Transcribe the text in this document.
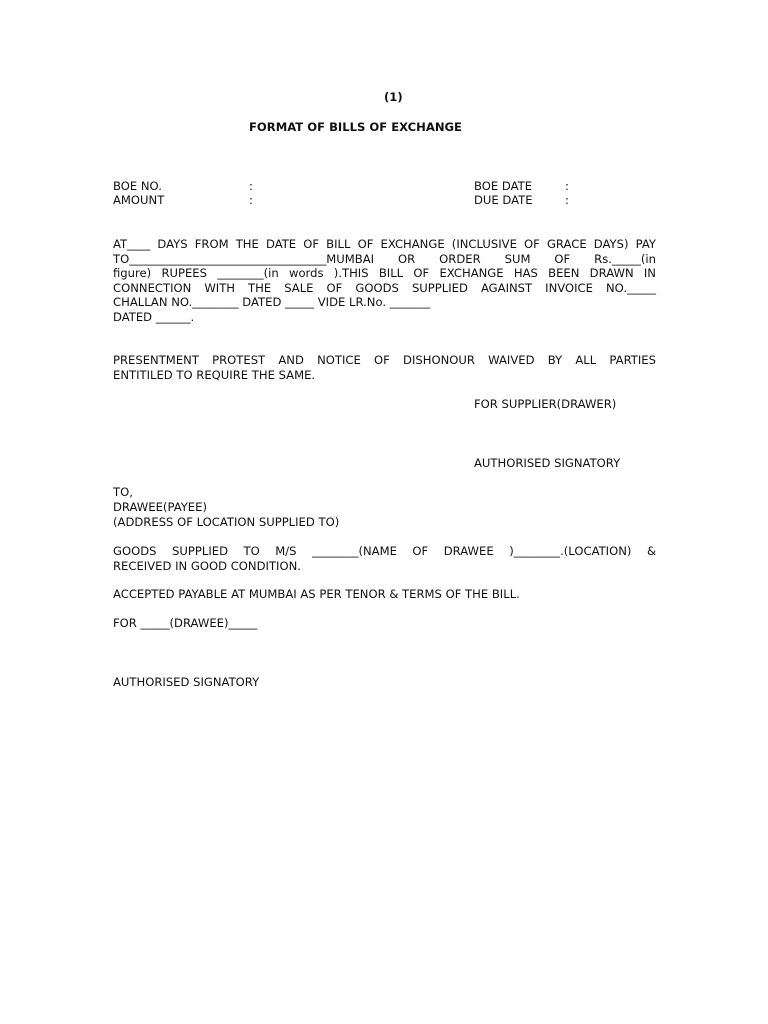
(1)
FORMAT OF BILLS OF EXCHANGE
BOE NO.	:	BOE DATE	:
AMOUNT	:	DUE DATE	:
AT____ DAYS FROM THE DATE OF BILL OF EXCHANGE (INCLUSIVE OF GRACE DAYS) PAY
TO__________________________________MUMBAI OR ORDER SUM OF Rs._____(in
figure) RUPEES ________(in words ).THIS BILL OF EXCHANGE HAS BEEN DRAWN IN
CONNECTION WITH THE SALE OF GOODS SUPPLIED AGAINST INVOICE NO._____
CHALLAN NO.________ DATED _____ VIDE LR.No. _______
DATED ______.
PRESENTMENT PROTEST AND NOTICE OF DISHONOUR WAIVED BY ALL PARTIES
ENTITILED TO REQUIRE THE SAME.
FOR SUPPLIER(DRAWER)
AUTHORISED SIGNATORY
TO,
DRAWEE(PAYEE)
(ADDRESS OF LOCATION SUPPLIED TO)
GOODS SUPPLIED TO M/S ________(NAME OF DRAWEE )________.(LOCATION) &
RECEIVED IN GOOD CONDITION.
ACCEPTED PAYABLE AT MUMBAI AS PER TENOR & TERMS OF THE BILL.
FOR _____(DRAWEE)_____
AUTHORISED SIGNATORY
